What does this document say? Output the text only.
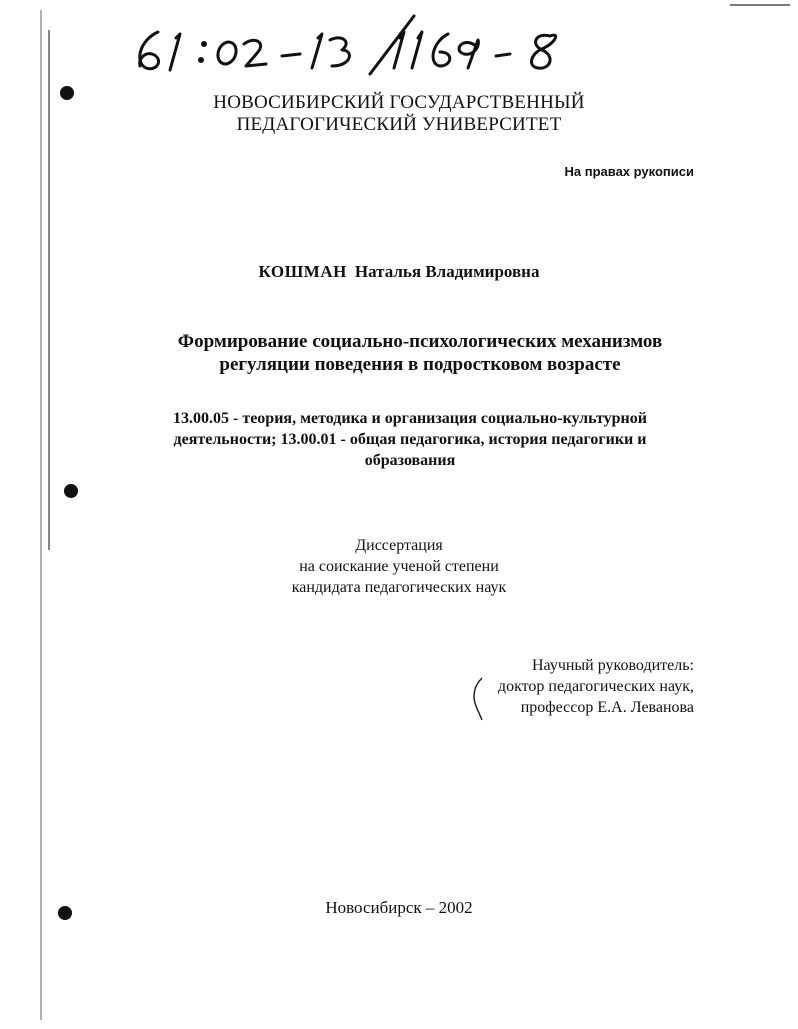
НОВОСИБИРСКИЙ ГОСУДАРСТВЕННЫЙ
ПЕДАГОГИЧЕСКИЙ УНИВЕРСИТЕТ
На правах рукописи
КОШМАН Наталья Владимировна
Формирование социально-психологических механизмов
регуляции поведения в подростковом возрасте
13.00.05 - теория, методика и организация социально-культурной
деятельности; 13.00.01 - общая педагогика, история педагогики и
образования
Диссертация
на соискание ученой степени
кандидата педагогических наук
Научный руководитель:
доктор педагогических наук,
профессор Е.А. Леванова
Новосибирск – 2002
